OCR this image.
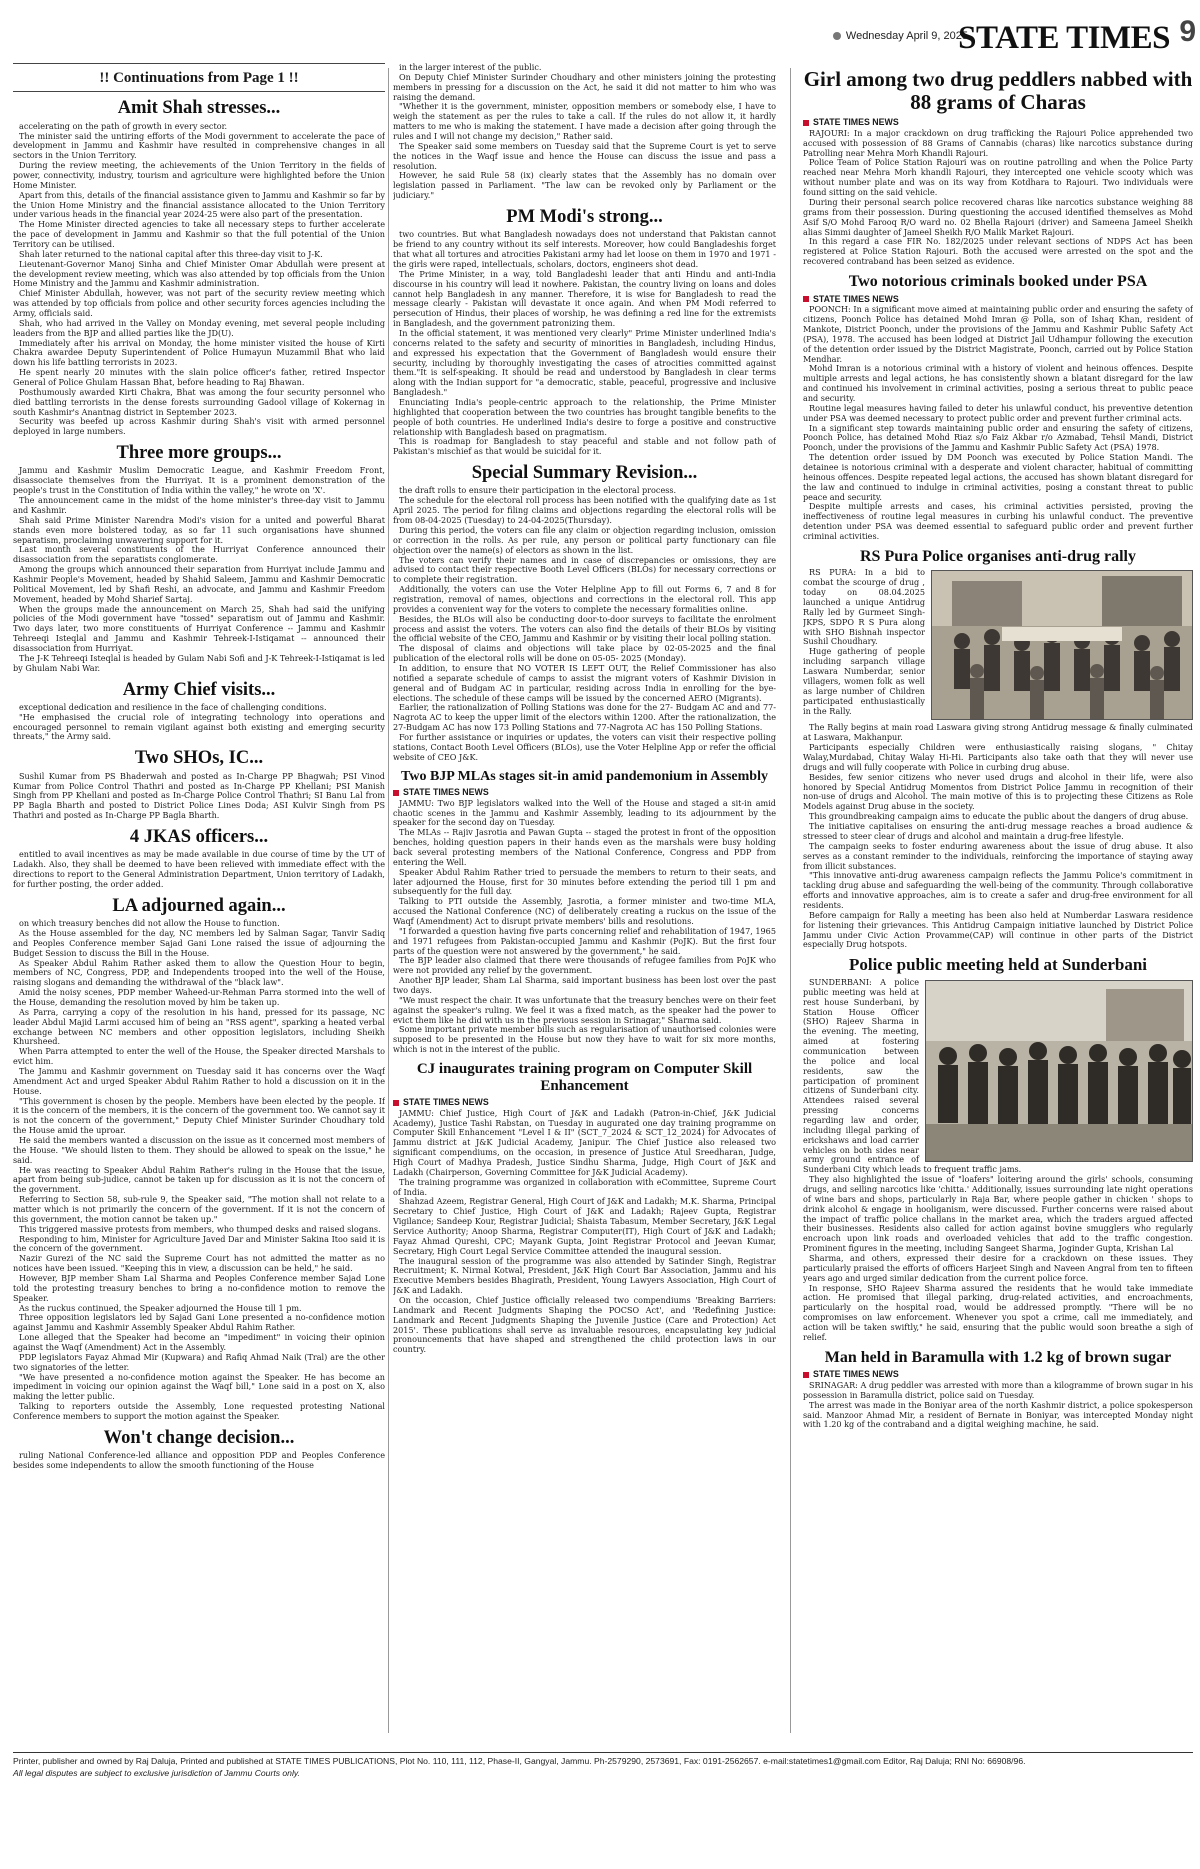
Wednesday April 9, 2025
STATE TIMES 9
!! Continuations from Page 1 !!
Amit Shah stresses...

accelerating on the path of growth in every sector.

The minister said the untiring efforts of the Modi government to accelerate the pace of development in Jammu and Kashmir have resulted in comprehensive changes in all sectors in the Union Territory.

During the review meeting, the achievements of the Union Territory in the fields of power, connectivity, industry, tourism and agriculture were highlighted before the Union Home Minister.

Apart from this, details of the financial assistance given to Jammu and Kashmir so far by the Union Home Ministry and the financial assistance allocated to the Union Territory under various heads in the financial year 2024-25 were also part of the presentation.

The Home Minister directed agencies to take all necessary steps to further accelerate the pace of development in Jammu and Kashmir so that the full potential of the Union Territory can be utilised.

Shah later returned to the national capital after this three-day visit to J-K.

Lieutenant-Governor Manoj Sinha and Chief Minister Omar Abdullah were present at the development review meeting, which was also attended by top officials from the Union Home Ministry and the Jammu and Kashmir administration.

Chief Minister Abdullah, however, was not part of the security review meeting which was attended by top officials from police and other security forces agencies including the Army, officials said.

Shah, who had arrived in the Valley on Monday evening, met several people including leaders from the BJP and allied parties like the JD(U).

Immediately after his arrival on Monday, the home minister visited the house of Kirti Chakra awardee Deputy Superintendent of Police Humayun Muzammil Bhat who laid down his life battling terrorists in 2023.

He spent nearly 20 minutes with the slain police officer's father, retired Inspector General of Police Ghulam Hassan Bhat, before heading to Raj Bhawan.

Posthumously awarded Kirti Chakra, Bhat was among the four security personnel who died battling terrorists in the dense forests surrounding Gadool village of Kokernag in south Kashmir's Anantnag district in September 2023.

Security was beefed up across Kashmir during Shah's visit with armed personnel deployed in large numbers.

Three more groups...

Jammu and Kashmir Muslim Democratic League, and Kashmir Freedom Front, disassociate themselves from the Hurriyat. It is a prominent demonstration of the people's trust in the Constitution of India within the valley," he wrote on 'X'.

The announcement came in the midst of the home minister's three-day visit to Jammu and Kashmir.

Shah said Prime Minister Narendra Modi's vision for a united and powerful Bharat stands even more bolstered today, as so far 11 such organisations have shunned separatism, proclaiming unwavering support for it.

Last month several constituents of the Hurriyat Conference announced their disassociation from the separatists conglomerate.

Among the groups which announced their separation from Hurriyat include Jammu and Kashmir People's Movement, headed by Shahid Saleem, Jammu and Kashmir Democratic Political Movement, led by Shafi Reshi, an advocate, and Jammu and Kashmir Freedom Movement, headed by Mohd Sharief Sartaj.

When the groups made the announcement on March 25, Shah had said the unifying policies of the Modi government have "tossed" separatism out of Jammu and Kashmir. Two days later, two more constituents of Hurriyat Conference -- Jammu and Kashmir Tehreeqi Isteqlal and Jammu and Kashmir Tehreek-I-Istiqamat -- announced their disassociation from Hurriyat.

The J-K Tehreeqi Isteqlal is headed by Gulam Nabi Sofi and J-K Tehreek-I-Istiqamat is led by Ghulam Nabi War.

Army Chief visits...

exceptional dedication and resilience in the face of challenging conditions.

"He emphasised the crucial role of integrating technology into operations and encouraged personnel to remain vigilant against both existing and emerging security threats," the Army said.

Two SHOs, IC...

Sushil Kumar from PS Bhaderwah and posted as In-Charge PP Bhagwah; PSI Vinod Kumar from Police Control Thathri and posted as In-Charge PP Khellani; PSI Manish Singh from PP Khellani and posted as In-Charge Police Control Thathri; SI Banu Lal from PP Bagla Bharth and posted to District Police Lines Doda; ASI Kulvir Singh from PS Thathri and posted as In-Charge PP Bagla Bharth.

4 JKAS officers...

entitled to avail incentives as may be made available in due course of time by the UT of Ladakh. Also, they shall be deemed to have been relieved with immediate effect with the directions to report to the General Administration Department, Union territory of Ladakh, for further posting, the order added.

LA adjourned again...

on which treasury benches did not allow the House to function.

As the House assembled for the day, NC members led by Salman Sagar, Tanvir Sadiq and Peoples Conference member Sajad Gani Lone raised the issue of adjourning the Budget Session to discuss the Bill in the House.

As Speaker Abdul Rahim Rather asked them to allow the Question Hour to begin, members of NC, Congress, PDP, and Independents trooped into the well of the House, raising slogans and demanding the withdrawal of the "black law".

Amid the noisy scenes, PDP member Waheed-ur-Rehman Parra stormed into the well of the House, demanding the resolution moved by him be taken up.

As Parra, carrying a copy of the resolution in his hand, pressed for its passage, NC leader Abdul Majid Larmi accused him of being an "RSS agent", sparking a heated verbal exchange between NC members and other opposition legislators, including Sheikh Khursheed.

When Parra attempted to enter the well of the House, the Speaker directed Marshals to evict him.

The Jammu and Kashmir government on Tuesday said it has concerns over the Waqf Amendment Act and urged Speaker Abdul Rahim Rather to hold a discussion on it in the House.

"This government is chosen by the people. Members have been elected by the people. If it is the concern of the members, it is the concern of the government too. We cannot say it is not the concern of the government," Deputy Chief Minister Surinder Choudhary told the House amid the uproar.

He said the members wanted a discussion on the issue as it concerned most members of the House. "We should listen to them. They should be allowed to speak on the issue," he said.

He was reacting to Speaker Abdul Rahim Rather's ruling in the House that the issue, apart from being sub-judice, cannot be taken up for discussion as it is not the concern of the government.

Referring to Section 58, sub-rule 9, the Speaker said, "The motion shall not relate to a matter which is not primarily the concern of the government. If it is not the concern of this government, the motion cannot be taken up."

This triggered massive protests from members, who thumped desks and raised slogans.

Responding to him, Minister for Agriculture Javed Dar and Minister Sakina Itoo said it is the concern of the government.

Nazir Gurezi of the NC said the Supreme Court has not admitted the matter as no notices have been issued. "Keeping this in view, a discussion can be held," he said.

However, BJP member Sham Lal Sharma and Peoples Conference member Sajad Lone told the protesting treasury benches to bring a no-confidence motion to remove the Speaker.

As the ruckus continued, the Speaker adjourned the House till 1 pm.

Three opposition legislators led by Sajad Gani Lone presented a no-confidence motion against Jammu and Kashmir Assembly Speaker Abdul Rahim Rather.

Lone alleged that the Speaker had become an "impediment" in voicing their opinion against the Waqf (Amendment) Act in the Assembly.

PDP legislators Fayaz Ahmad Mir (Kupwara) and Rafiq Ahmad Naik (Tral) are the other two signatories of the letter.

"We have presented a no-confidence motion against the Speaker. He has become an impediment in voicing our opinion against the Waqf bill," Lone said in a post on X, also making the letter public.

Talking to reporters outside the Assembly, Lone requested protesting National Conference members to support the motion against the Speaker.

Won't change decision...

ruling National Conference-led alliance and opposition PDP and Peoples Conference besides some independents to allow the smooth functioning of the House

in the larger interest of the public.

On Deputy Chief Minister Surinder Choudhary and other ministers joining the protesting members in pressing for a discussion on the Act, he said it did not matter to him who was raising the demand.

"Whether it is the government, minister, opposition members or somebody else, I have to weigh the statement as per the rules to take a call. If the rules do not allow it, it hardly matters to me who is making the statement. I have made a decision after going through the rules and I will not change my decision," Rather said.

The Speaker said some members on Tuesday said that the Supreme Court is yet to serve the notices in the Waqf issue and hence the House can discuss the issue and pass a resolution.

However, he said Rule 58 (ix) clearly states that the Assembly has no domain over legislation passed in Parliament. "The law can be revoked only by Parliament or the judiciary."

PM Modi's strong...

two countries. But what Bangladesh nowadays does not understand that Pakistan cannot be friend to any country without its self interests. Moreover, how could Bangladeshis forget that what all tortures and atrocities Pakistani army had let loose on them in 1970 and 1971 - the girls were raped, intellectuals, scholars, doctors, engineers shot dead.

The Prime Minister, in a way, told Bangladeshi leader that anti Hindu and anti-India discourse in his country will lead it nowhere. Pakistan, the country living on loans and doles cannot help Bangladesh in any manner. Therefore, it is wise for Bangladesh to read the message clearly - Pakistan will devastate it once again. And when PM Modi referred to persecution of Hindus, their places of worship, he was defining a red line for the extremists in Bangladesh, and the government patronizing them.

In the official statement, it was mentioned very clearly" Prime Minister underlined India's concerns related to the safety and security of minorities in Bangladesh, including Hindus, and expressed his expectation that the Government of Bangladesh would ensure their security, including by thoroughly investigating the cases of atrocities committed against them."It is self-speaking. It should be read and understood by Bangladesh in clear terms along with the Indian support for "a democratic, stable, peaceful, progressive and inclusive Bangladesh."

Enunciating India's people-centric approach to the relationship, the Prime Minister highlighted that cooperation between the two countries has brought tangible benefits to the people of both countries. He underlined India's desire to forge a positive and constructive relationship with Bangladesh based on pragmatism.

This is roadmap for Bangladesh to stay peaceful and stable and not follow path of Pakistan's mischief as that would be suicidal for it.

Special Summary Revision...

the draft rolls to ensure their participation in the electoral process.

The schedule for the electoral roll process has been notified with the qualifying date as 1st April 2025. The period for filing claims and objections regarding the electoral rolls will be from 08-04-2025 (Tuesday) to 24-04-2025(Thursday).

During this period, the voters can file any claim or objection regarding inclusion, omission or correction in the rolls. As per rule, any person or political party functionary can file objection over the name(s) of electors as shown in the list.

The voters can verify their names and in case of discrepancies or omissions, they are advised to contact their respective Booth Level Officers (BLOs) for necessary corrections or to complete their registration.

Additionally, the voters can use the Voter Helpline App to fill out Forms 6, 7 and 8 for registration, removal of names, objections and corrections in the electoral roll. This app provides a convenient way for the voters to complete the necessary formalities online.

Besides, the BLOs will also be conducting door-to-door surveys to facilitate the enrolment process and assist the voters. The voters can also find the details of their BLOs by visiting the official website of the CEO, Jammu and Kashmir or by visiting their local polling station.

The disposal of claims and objections will take place by 02-05-2025 and the final publication of the electoral rolls will be done on 05-05- 2025 (Monday).

In addition, to ensure that NO VOTER IS LEFT OUT, the Relief Commissioner has also notified a separate schedule of camps to assist the migrant voters of Kashmir Division in general and of Budgam AC in particular, residing across India in enrolling for the bye-elections. The schedule of these camps will be issued by the concerned AERO (Migrants).

Earlier, the rationalization of Polling Stations was done for the 27- Budgam AC and and 77-Nagrota AC to keep the upper limit of the electors within 1200. After the rationalization, the 27-Budgam AC has now 173 Polling Stations and 77-Nagrota AC has 150 Polling Stations.

For further assistance or inquiries or updates, the voters can visit their respective polling stations, Contact Booth Level Officers (BLOs), use the Voter Helpline App or refer the official website of CEO J&K.

Two BJP MLAs stages sit-in amid pandemonium in Assembly
STATE TIMES NEWS

JAMMU: Two BJP legislators walked into the Well of the House and staged a sit-in amid chaotic scenes in the Jammu and Kashmir Assembly, leading to its adjournment by the speaker for the second day on Tuesday.

The MLAs -- Rajiv Jasrotia and Pawan Gupta -- staged the protest in front of the opposition benches, holding question papers in their hands even as the marshals were busy holding back several protesting members of the National Conference, Congress and PDP from entering the Well.

Speaker Abdul Rahim Rather tried to persuade the members to return to their seats, and later adjourned the House, first for 30 minutes before extending the period till 1 pm and subsequently for the full day.

Talking to PTI outside the Assembly, Jasrotia, a former minister and two-time MLA, accused the National Conference (NC) of deliberately creating a ruckus on the issue of the Waqf (Amendment) Act to disrupt private members' bills and resolutions.

"I forwarded a question having five parts concerning relief and rehabilitation of 1947, 1965 and 1971 refugees from Pakistan-occupied Jammu and Kashmir (PoJK). But the first four parts of the question were not answered by the government," he said.

The BJP leader also claimed that there were thousands of refugee families from PoJK who were not provided any relief by the government.

Another BJP leader, Sham Lal Sharma, said important business has been lost over the past two days.

"We must respect the chair. It was unfortunate that the treasury benches were on their feet against the speaker's ruling. We feel it was a fixed match, as the speaker had the power to evict them like he did with us in the previous session in Srinagar," Sharma said.

Some important private member bills such as regularisation of unauthorised colonies were supposed to be presented in the House but now they have to wait for six more months, which is not in the interest of the public.

CJ inaugurates training program on Computer Skill Enhancement
STATE TIMES NEWS

JAMMU: Chief Justice, High Court of J&K and Ladakh (Patron-in-Chief, J&K Judicial Academy), Justice Tashi Rabstan, on Tuesday in augurated one day training programme on Computer Skill Enhancement "Level I & II" (SCT_7_2024 & SCT_12_2024) for Advocates of Jammu district at J&K Judicial Academy, Janipur. The Chief Justice also released two significant compendiums, on the occasion, in presence of Justice Atul Sreedharan, Judge, High Court of Madhya Pradesh, Justice Sindhu Sharma, Judge, High Court of J&K and Ladakh (Chairperson, Governing Committee for J&K Judicial Academy).

The training programme was organized in collaboration with eCommittee, Supreme Court of India.

Shahzad Azeem, Registrar General, High Court of J&K and Ladakh; M.K. Sharma, Principal Secretary to Chief Justice, High Court of J&K and Ladakh; Rajeev Gupta, Registrar Vigilance; Sandeep Kour, Registrar Judicial; Shaista Tabasum, Member Secretary, J&K Legal Service Authority; Anoop Sharma, Registrar Computer(IT), High Court of J&K and Ladakh; Fayaz Ahmad Qureshi, CPC; Mayank Gupta, Joint Registrar Protocol and Jeevan Kumar, Secretary, High Court Legal Service Committee attended the inaugural session.

The inaugural session of the programme was also attended by Satinder Singh, Registrar Recruitment; K. Nirmal Kotwal, President, J&K High Court Bar Association, Jammu and his Executive Members besides Bhagirath, President, Young Lawyers Association, High Court of J&K and Ladakh.

On the occasion, Chief Justice officially released two compendiums 'Breaking Barriers: Landmark and Recent Judgments Shaping the POCSO Act', and 'Redefining Justice: Landmark and Recent Judgments Shaping the Juvenile Justice (Care and Protection) Act 2015'. These publications shall serve as invaluable resources, encapsulating key judicial pronouncements that have shaped and strengthened the child protection laws in our country.

Girl among two drug peddlers nabbed with 88 grams of Charas
STATE TIMES NEWS

RAJOURI: In a major crackdown on drug trafficking the Rajouri Police apprehended two accused with possession of 88 Grams of Cannabis (charas) like narcotics substance during Patrolling near Mehra Morh Khandli Rajouri.

Police Team of Police Station Rajouri was on routine patrolling and when the Police Party reached near Mehra Morh khandli Rajouri, they intercepted one vehicle scooty which was without number plate and was on its way from Kotdhara to Rajouri. Two individuals were found sitting on the said vehicle.

During their personal search police recovered charas like narcotics substance weighing 88 grams from their possession. During questioning the accused identified themselves as Mohd Asif S/O Mohd Farooq R/O ward no. 02 Bhella Rajouri (driver) and Sameena Jameel Sheikh alias Simmi daughter of Jameel Sheikh R/O Malik Market Rajouri.

In this regard a case FIR No. 182/2025 under relevant sections of NDPS Act has been registered at Police Station Rajouri. Both the accused were arrested on the spot and the recovered contraband has been seized as evidence.

Two notorious criminals booked under PSA
STATE TIMES NEWS

POONCH: In a significant move aimed at maintaining public order and ensuring the safety of citizens, Poonch Police has detained Mohd Imran @ Polla, son of Ishaq Khan, resident of Mankote, District Poonch, under the provisions of the Jammu and Kashmir Public Safety Act (PSA), 1978. The accused has been lodged at District Jail Udhampur following the execution of the detention order issued by the District Magistrate, Poonch, carried out by Police Station Mendhar.

Mohd Imran is a notorious criminal with a history of violent and heinous offences. Despite multiple arrests and legal actions, he has consistently shown a blatant disregard for the law and continued his involvement in criminal activities, posing a serious threat to public peace and security.

Routine legal measures having failed to deter his unlawful conduct, his preventive detention under PSA was deemed necessary to protect public order and prevent further criminal acts.

In a significant step towards maintaining public order and ensuring the safety of citizens, Poonch Police, has detained Mohd Riaz s/o Faiz Akbar r/o Azmabad, Tehsil Mandi, District Poonch, under the provisions of the Jammu and Kashmir Public Safety Act (PSA) 1978.

The detention order issued by DM Poonch was executed by Police Station Mandi. The detainee is notorious criminal with a desperate and violent character, habitual of committing heinous offences. Despite repeated legal actions, the accused has shown blatant disregard for the law and continued to indulge in criminal activities, posing a constant threat to public peace and security.

Despite multiple arrests and cases, his criminal activities persisted, proving the ineffectiveness of routine legal measures in curbing his unlawful conduct. The preventive detention under PSA was deemed essential to safeguard public order and prevent further criminal activities.

RS Pura Police organises anti-drug rally

RS PURA: In a bid to combat the scourge of drug , today on 08.04.2025 launched a unique Antidrug Rally led by Gurmeet Singh-JKPS, SDPO R S Pura along with SHO Bishnah inspector Sushil Choudhary.

Huge gathering of people including sarpanch village Laswara Numberdar, senior villagers, women folk as well as large number of Children participated enthusiastically in the Rally.

The Rally begins at main road Laswara giving strong Antidrug message & finally culminated at Laswara, Makhanpur.

Participants especially Children were enthusiastically raising slogans, " Chitay Walay,Murdabad, Chitay Walay Hi-Hi. Participants also take oath that they will never use drugs and will fully cooperate with Police in curbing drug abuse.

Besides, few senior citizens who never used drugs and alcohol in their life, were also honored by Special Antidrug Momentos from District Police Jammu in recognition of their non-use of drugs and Alcohol. The main motive of this is to projecting these Citizens as Role Models against Drug abuse in the society.

This groundbreaking campaign aims to educate the public about the dangers of drug abuse.

The initiative capitalises on ensuring the anti-drug message reaches a broad audience & stressed to steer clear of drugs and alcohol and maintain a drug-free lifestyle.

The campaign seeks to foster enduring awareness about the issue of drug abuse. It also serves as a constant reminder to the individuals, reinforcing the importance of staying away from illicit substances.

"This innovative anti-drug awareness campaign reflects the Jammu Police's commitment in tackling drug abuse and safeguarding the well-being of the community. Through collaborative efforts and innovative approaches, aim is to create a safer and drug-free environment for all residents.

Before campaign for Rally a meeting has been also held at Numberdar Laswara residence for listening their grievances. This Antidrug Campaign initiative launched by District Police Jammu under Civic Action Provamme(CAP) will continue in other parts of the District especially Drug hotspots.

Police public meeting held at Sunderbani

SUNDERBANI: A police public meeting was held at rest house Sunderbani, by Station House Officer (SHO) Rajeev Sharma in the evening. The meeting, aimed at fostering communication between the police and local residents, saw the participation of prominent citizens of Sunderbani city. Attendees raised several pressing concerns regarding law and order, including illegal parking of erickshaws and load carrier vehicles on both sides near army ground entrance of Sunderbani City which leads to frequent traffic jams.

They also highlighted the issue of "loafers" loitering around the girls' schools, consuming drugs, and selling narcotics like 'chitta.' Additionally, issues surrounding late night operations of wine bars and shops, particularly in Raja Bar, where people gather in chicken ' shops to drink alcohol & engage in hooliganism, were discussed. Further concerns were raised about the impact of traffic police challans in the market area, which the traders argued affected their businesses. Residents also called for action against bovine smugglers who regularly encroach upon link roads and overloaded vehicles that add to the traffic congestion. Prominent figures in the meeting, including Sangeet Sharma, Joginder Gupta, Krishan Lal

Sharma, and others, expressed their desire for a crackdown on these issues. They particularly praised the efforts of officers Harjeet Singh and Naveen Angral from ten to fifteen years ago and urged similar dedication from the current police force.

In response, SHO Rajeev Sharma assured the residents that he would take immediate action. He promised that illegal parking, drug-related activities, and encroachments, particularly on the hospital road, would be addressed promptly. "There will be no compromises on law enforcement. Whenever you spot a crime, call me immediately, and action will be taken swiftly," he said, ensuring that the public would soon breathe a sigh of relief.

Man held in Baramulla with 1.2 kg of brown sugar
STATE TIMES NEWS

SRINAGAR: A drug peddler was arrested with more than a kilogramme of brown sugar in his possession in Baramulla district, police said on Tuesday.

The arrest was made in the Boniyar area of the north Kashmir district, a police spokesperson said. Manzoor Ahmad Mir, a resident of Bernate in Boniyar, was intercepted Monday night with 1.20 kg of the contraband and a digital weighing machine, he said.

Printer, publisher and owned by Raj Daluja, Printed and published at STATE TIMES PUBLICATIONS, Plot No. 110, 111, 112, Phase-II, Gangyal, Jammu. Ph-2579290, 2573691, Fax: 0191-2562657. e-mail:statetimes1@gmail.com Editor, Raj Daluja; RNI No: 66908/96.
All legal disputes are subject to exclusive jurisdiction of Jammu Courts only.
